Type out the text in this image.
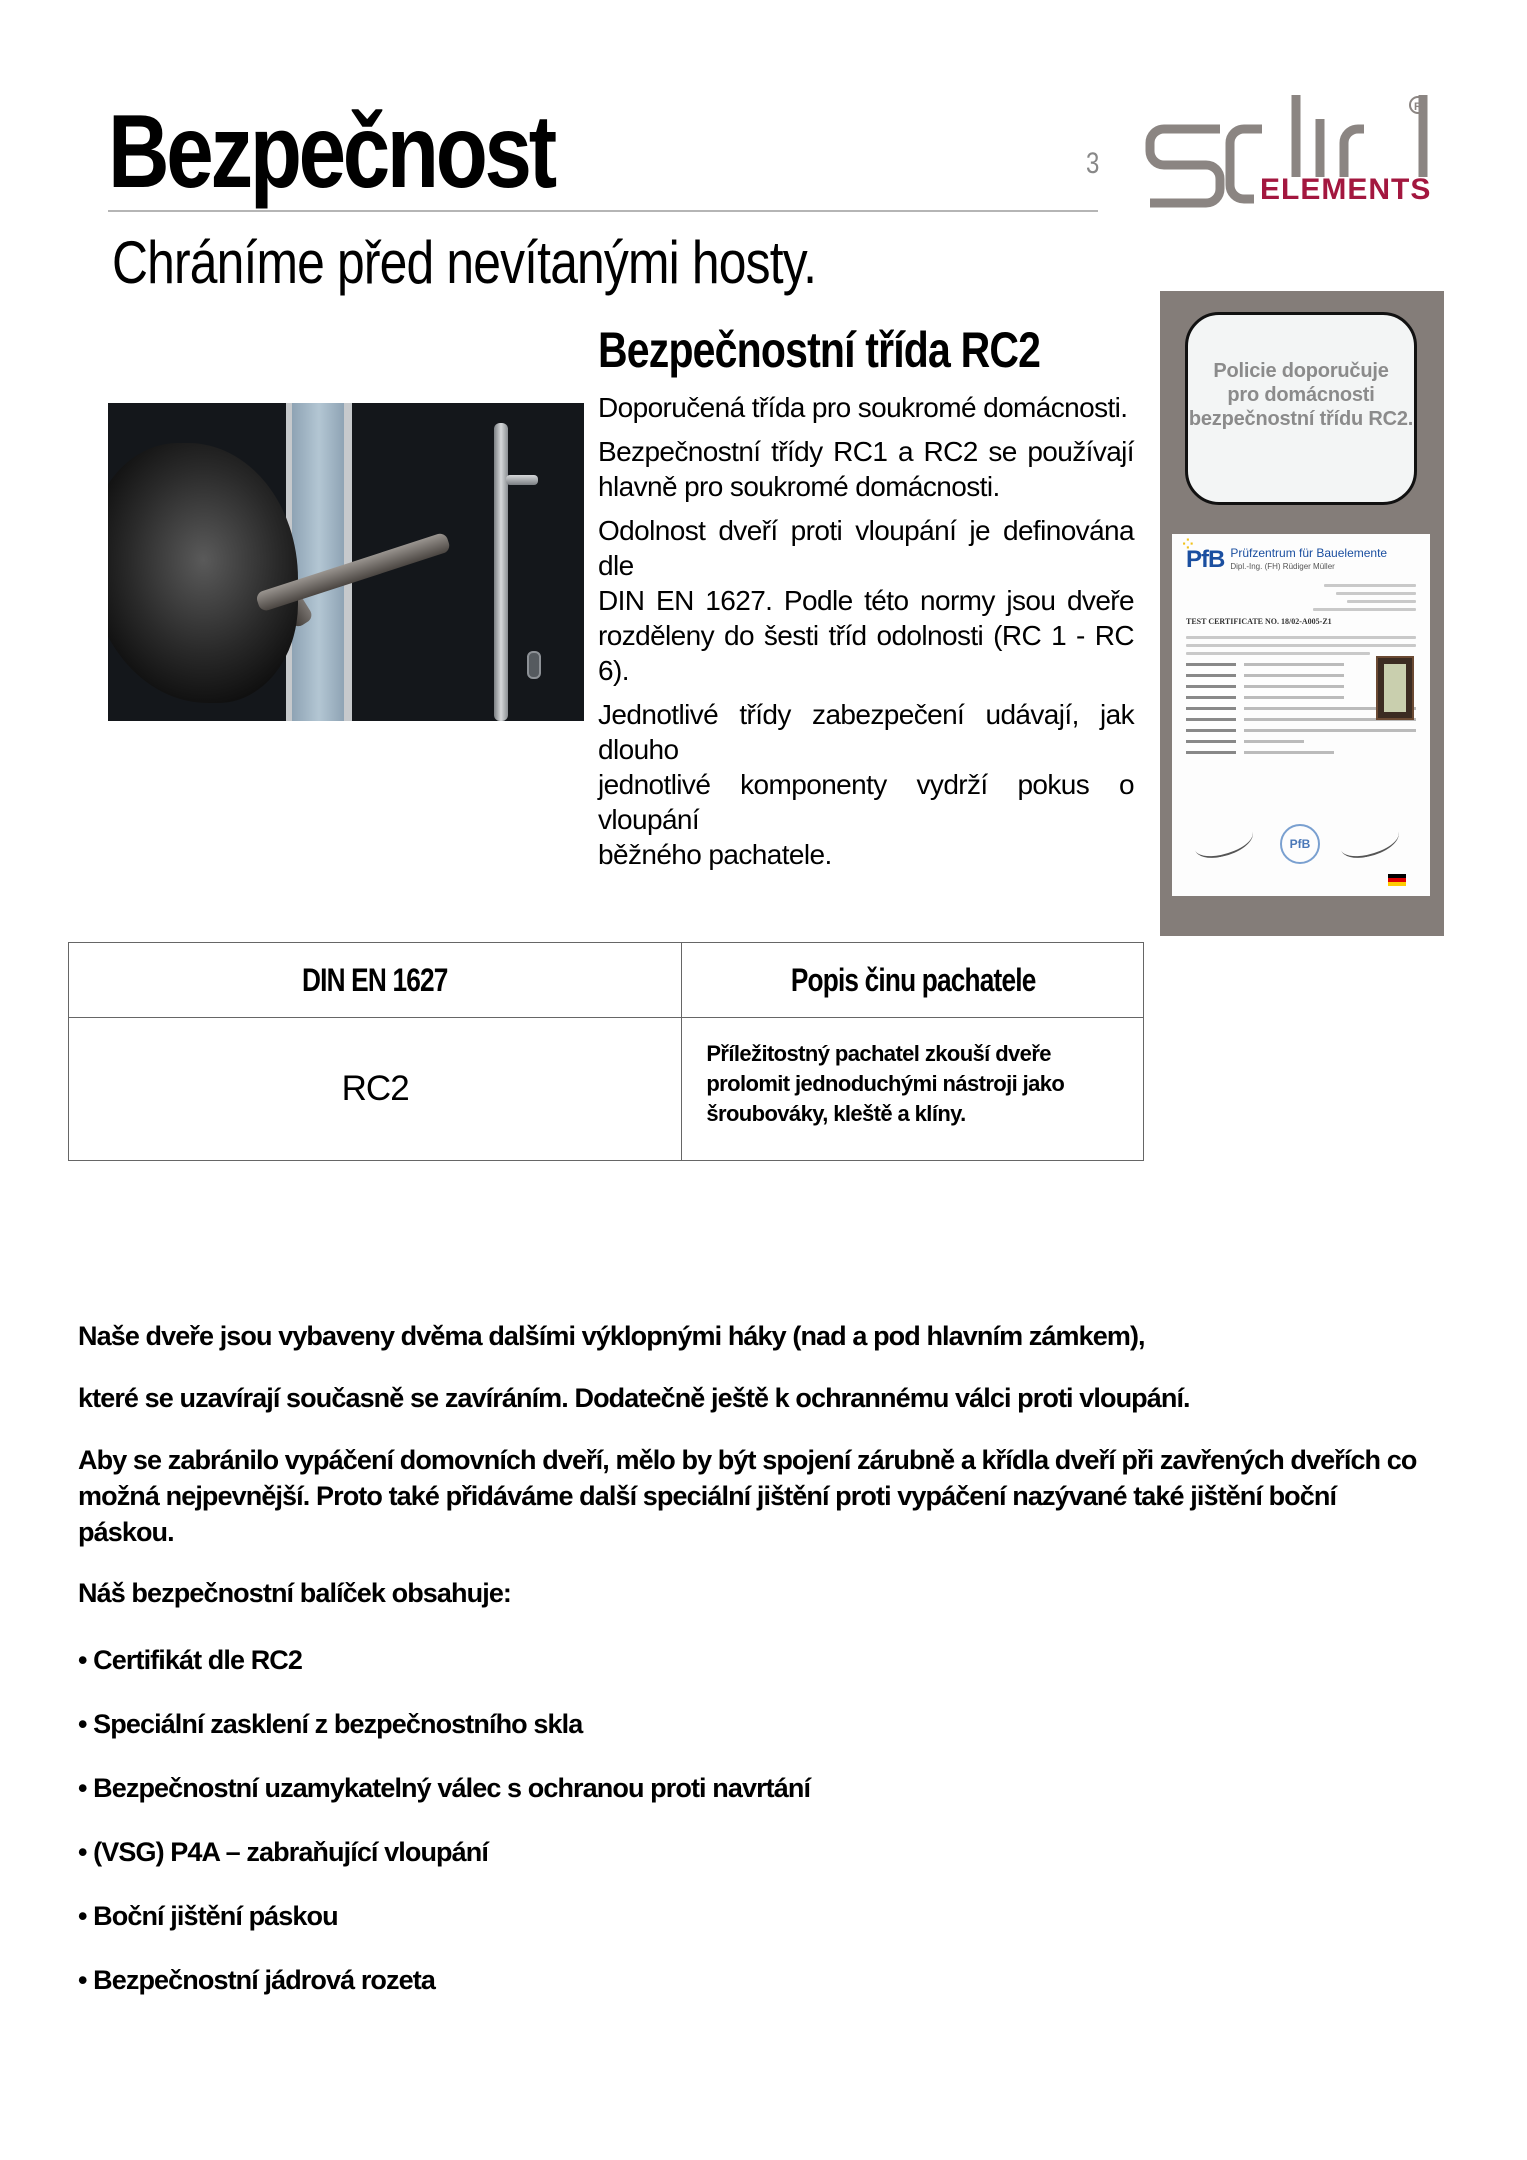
Bezpečnost	3
Chráníme před nevítanými hosty.
ELEMENTS
R
Bezpečnostní třída RC2

Doporučená třída pro soukromé domácnosti.

Bezpečnostní třídy RC1 a RC2 se používají
hlavně pro soukromé domácnosti.

Odolnost dveří proti vloupání je definována dle
DIN EN 1627. Podle této normy jsou dveře
rozděleny do šesti tříd odolnosti (RC 1 - RC 6).

Jednotlivé třídy zabezpečení udávají, jak dlouho
jednotlivé komponenty vydrží pokus o vloupání
běžného pachatele.

Policie doporučuje
pro domácnosti
bezpečnostní třídu RC2.
⁘ PfB Prüfzentrum für Bauelemente
Dipl.-Ing. (FH) Rüdiger Müller
TEST CERTIFICATE NO. 18/02-A005-Z1
PfB
DIN EN 1627	Popis činu pachatele
RC2	Příležitostný pachatel zkouší dveře
prolomit jednoduchými nástroji jako
šroubováky, kleště a klíny.

Naše dveře jsou vybaveny dvěma dalšími výklopnými háky (nad a pod hlavním zámkem),

které se uzavírají současně se zavíráním. Dodatečně ještě k ochrannému válci proti vloupání.

Aby se zabránilo vypáčení domovních dveří, mělo by být spojení zárubně a křídla dveří při zavřených dveřích co
možná nejpevnější. Proto také přidáváme další speciální jištění proti vypáčení nazývané také jištění boční
páskou.

Náš bezpečnostní balíček obsahuje:
• Certifikát dle RC2
• Speciální zasklení z bezpečnostního skla
• Bezpečnostní uzamykatelný válec s ochranou proti navrtání
• (VSG) P4A – zabraňující vloupání
• Boční jištění páskou
• Bezpečnostní jádrová rozeta
